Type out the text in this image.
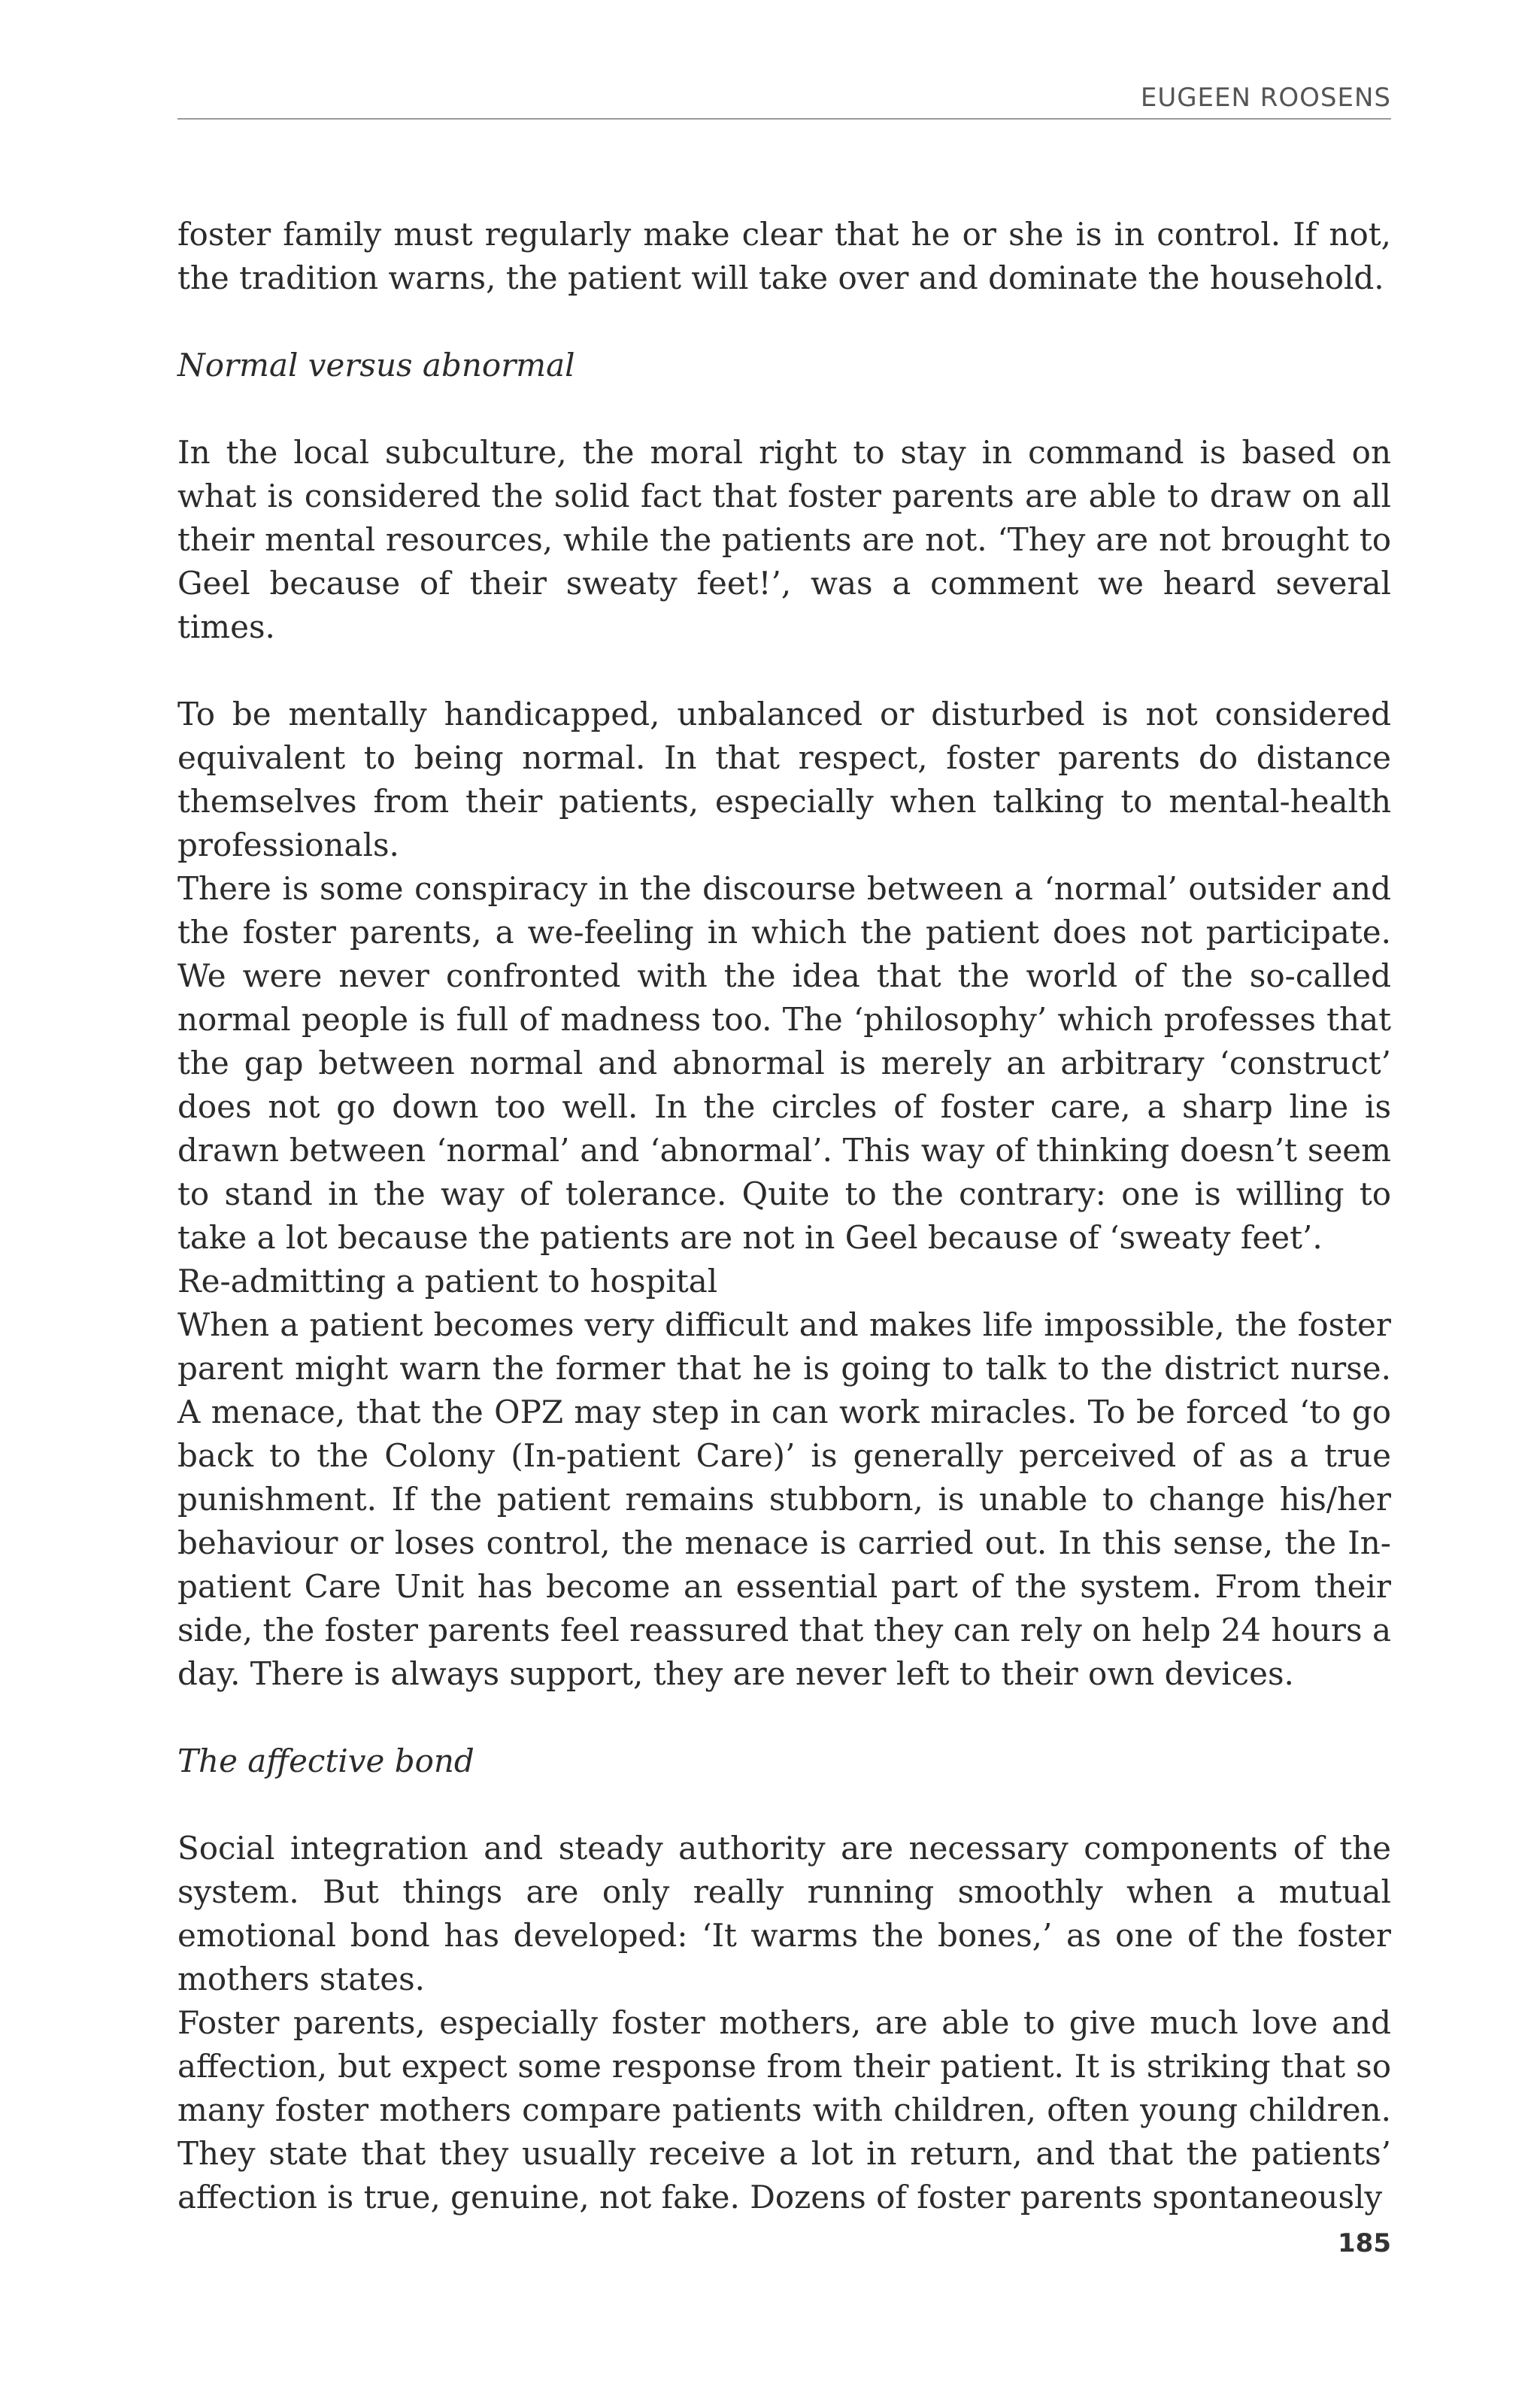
EUGEEN ROOSENS

foster family must regularly make clear that he or she is in control. If not, the tradition warns, the patient will take over and dominate the household.

Normal versus abnormal

In the local subculture, the moral right to stay in command is based on what is considered the solid fact that foster parents are able to draw on all their mental resources, while the patients are not. ‘They are not brought to Geel because of their sweaty feet!’, was a comment we heard several times.

To be mentally handicapped, unbalanced or disturbed is not considered equivalent to being normal. In that respect, foster parents do distance themselves from their patients, especially when talking to mental-health professionals.

There is some conspiracy in the discourse between a ‘normal’ outsider and the foster parents, a we-feeling in which the patient does not participate. We were never confronted with the idea that the world of the so-called normal people is full of madness too. The ‘philosophy’ which professes that the gap between normal and abnormal is merely an arbitrary ‘construct’ does not go down too well. In the circles of foster care, a sharp line is drawn between ‘normal’ and ‘abnormal’. This way of thinking doesn’t seem to stand in the way of tolerance. Quite to the contrary: one is willing to take a lot because the patients are not in Geel because of ‘sweaty feet’.

Re-admitting a patient to hospital

When a patient becomes very difficult and makes life impossible, the foster parent might warn the former that he is going to talk to the district nurse. A menace, that the OPZ may step in can work miracles. To be forced ‘to go back to the Colony (In-patient Care)’ is generally perceived of as a true punishment. If the patient remains stubborn, is unable to change his/her behaviour or loses control, the menace is carried out. In this sense, the In-patient Care Unit has become an essential part of the system. From their side, the foster parents feel reassured that they can rely on help 24 hours a day. There is always support, they are never left to their own devices.

The affective bond

Social integration and steady authority are necessary components of the system. But things are only really running smoothly when a mutual emotional bond has developed: ‘It warms the bones,’ as one of the foster mothers states.

Foster parents, especially foster mothers, are able to give much love and affection, but expect some response from their patient. It is striking that so many foster mothers compare patients with children, often young children. They state that they usually receive a lot in return, and that the patients’ affection is true, genuine, not fake. Dozens of foster parents spontaneously

185
